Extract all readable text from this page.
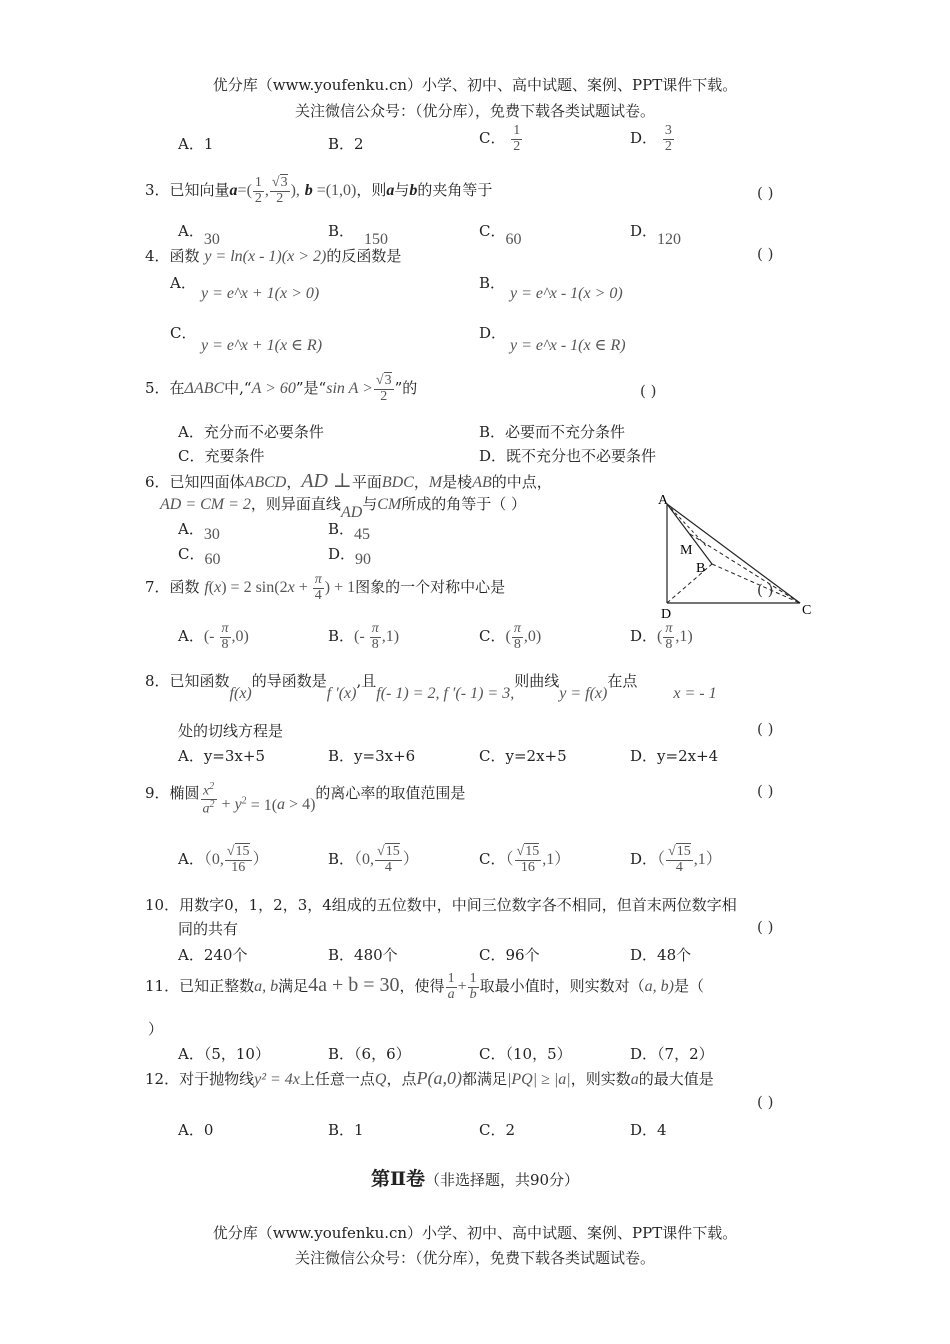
优分库（www.youfenku.cn）小学、初中、高中试题、案例、PPT课件下载。
关注微信公众号：（优分库），免费下载各类试题试卷。
A．1	B．2	C． $\frac{1}{2}$	D． $\frac{3}{2}$
3．已知向量$a=( \frac{1}{2}$ , $\frac{√3}{2}$ ), b =(1,0)，则a与b的夹角等于	( )
A．30	B． 150	C．60	D．120
4．函数 y = ln(x - 1)(x > 2)的反函数是	( )
A．
y = e^x + 1(x > 0)
B．
y = e^x - 1(x > 0)
C．
y = e^x + 1(x ∈ R)
D．
y = e^x - 1(x ∈ R)
5．在ΔABC中,“A > 60”是“sin $A > \frac{√3}{2}$ ”的	( )
A．充分而不必要条件	B．必要而不充分条件
C．充要条件	D．既不充分也不必要条件
6．已知四面体ABCD，AD ⊥平面BDC，M是棱AB的中点，
AD = CM = 2，则异面直线AD与CM所成的角等于（ ）
A．30	B．45
C．60	D．90
A
M
B
D	C
7．函数 f(x) = 2 $\sin(2x + \frac{\pi}{4}$ ) + 1图象的一个对称中心是	( )
A．(- $\frac{\pi}{8} ,0$)	B．(- $\frac{\pi}{8} ,1$)	C．( $\frac{\pi}{8} ,0$)	D．( $\frac{\pi}{8} ,1$)
8．已知函数f(x)的导函数是f ′(x),且f(- 1) = 2, f ′(- 1) = 3,则曲线y = f(x)在点x = - 1
处的切线方程是	( )
A．y=3x+5	B．y=3x+6	C．y=2x+5	D．y=2x+4
9．椭圆 $\frac{x^2}{a^2} + y^2 = 1(a > 4)$的离心率的取值范围是	( )
A．（0, $\frac{√15}{16}$ ）	B．（0, $\frac{√15}{4}$ ）	C．（ $\frac{√15}{16} ,1$）	D．（ $\frac{√15}{4} ,1$）
10．用数字0，1，2，3，4组成的五位数中，中间三位数字各不相同，但首末两位数字相
同的共有	( )
A．240个	B．480个	C．96个	D．48个
11．已知正整数a, b满足4a + b = 30，使得 $\frac{1}{a} + \frac{1}{b}$ 取最小值时，则实数对（a, b)是（
）
A．（5，10）	B．（6，6）	C．（10，5）	D．（7，2）
12．对于抛物线y² = 4x上任意一点Q，点P(a,0)都满足|PQ| ≥ |a|，则实数a的最大值是
( )
A．0	B．1	C．2	D．4
第Ⅱ卷（非选择题，共90分）
优分库（www.youfenku.cn）小学、初中、高中试题、案例、PPT课件下载。
关注微信公众号：（优分库），免费下载各类试题试卷。
